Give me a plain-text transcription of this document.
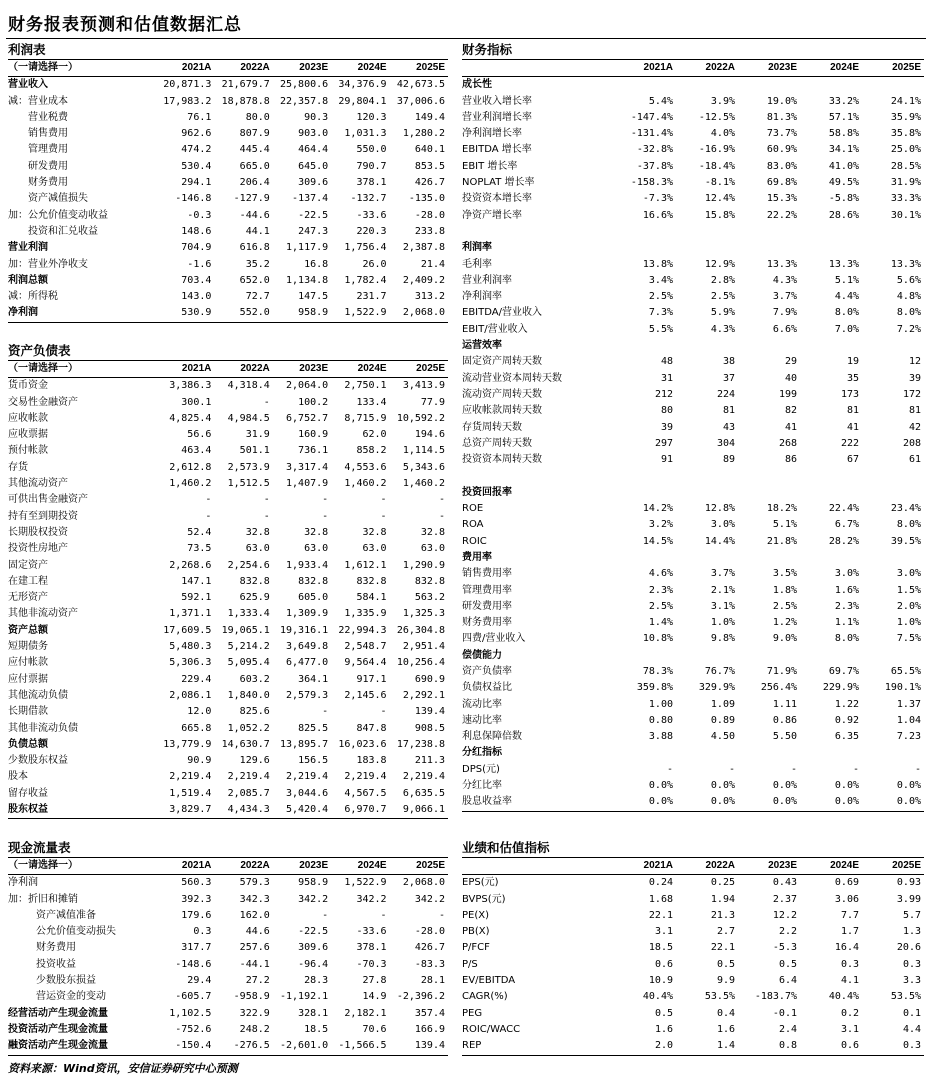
财务报表预测和估值数据汇总
利润表
（一请选择一）	2021A	2022A	2023E	2024E	2025E
营业收入	20,871.3	21,679.7	25,800.6	34,376.9	42,673.5
减：营业成本	17,983.2	18,878.8	22,357.8	29,804.1	37,006.6
营业税费	76.1	80.0	90.3	120.3	149.4
销售费用	962.6	807.9	903.0	1,031.3	1,280.2
管理费用	474.2	445.4	464.4	550.0	640.1
研发费用	530.4	665.0	645.0	790.7	853.5
财务费用	294.1	206.4	309.6	378.1	426.7
资产减值损失	-146.8	-127.9	-137.4	-132.7	-135.0
加：公允价值变动收益	-0.3	-44.6	-22.5	-33.6	-28.0
投资和汇兑收益	148.6	44.1	247.3	220.3	233.8
营业利润	704.9	616.8	1,117.9	1,756.4	2,387.8
加：营业外净收支	-1.6	35.2	16.8	26.0	21.4
利润总额	703.4	652.0	1,134.8	1,782.4	2,409.2
减：所得税	143.0	72.7	147.5	231.7	313.2
净利润	530.9	552.0	958.9	1,522.9	2,068.0
资产负债表
（一请选择一）	2021A	2022A	2023E	2024E	2025E
货币资金	3,386.3	4,318.4	2,064.0	2,750.1	3,413.9
交易性金融资产	300.1	-	100.2	133.4	77.9
应收帐款	4,825.4	4,984.5	6,752.7	8,715.9	10,592.2
应收票据	56.6	31.9	160.9	62.0	194.6
预付帐款	463.4	501.1	736.1	858.2	1,114.5
存货	2,612.8	2,573.9	3,317.4	4,553.6	5,343.6
其他流动资产	1,460.2	1,512.5	1,407.9	1,460.2	1,460.2
可供出售金融资产	-	-	-	-	-
持有至到期投资	-	-	-	-	-
长期股权投资	52.4	32.8	32.8	32.8	32.8
投资性房地产	73.5	63.0	63.0	63.0	63.0
固定资产	2,268.6	2,254.6	1,933.4	1,612.1	1,290.9
在建工程	147.1	832.8	832.8	832.8	832.8
无形资产	592.1	625.9	605.0	584.1	563.2
其他非流动资产	1,371.1	1,333.4	1,309.9	1,335.9	1,325.3
资产总额	17,609.5	19,065.1	19,316.1	22,994.3	26,304.8
短期债务	5,480.3	5,214.2	3,649.8	2,548.7	2,951.4
应付帐款	5,306.3	5,095.4	6,477.0	9,564.4	10,256.4
应付票据	229.4	603.2	364.1	917.1	690.9
其他流动负债	2,086.1	1,840.0	2,579.3	2,145.6	2,292.1
长期借款	12.0	825.6	-	-	139.4
其他非流动负债	665.8	1,052.2	825.5	847.8	908.5
负债总额	13,779.9	14,630.7	13,895.7	16,023.6	17,238.8
少数股东权益	90.9	129.6	156.5	183.8	211.3
股本	2,219.4	2,219.4	2,219.4	2,219.4	2,219.4
留存收益	1,519.4	2,085.7	3,044.6	4,567.5	6,635.5
股东权益	3,829.7	4,434.3	5,420.4	6,970.7	9,066.1
现金流量表
（一请选择一）	2021A	2022A	2023E	2024E	2025E
净利润	560.3	579.3	958.9	1,522.9	2,068.0
加：折旧和摊销	392.3	342.3	342.2	342.2	342.2
资产减值准备	179.6	162.0	-	-	-
公允价值变动损失	0.3	44.6	-22.5	-33.6	-28.0
财务费用	317.7	257.6	309.6	378.1	426.7
投资收益	-148.6	-44.1	-96.4	-70.3	-83.3
少数股东损益	29.4	27.2	28.3	27.8	28.1
营运资金的变动	-605.7	-958.9	-1,192.1	14.9	-2,396.2
经营活动产生现金流量	1,102.5	322.9	328.1	2,182.1	357.4
投资活动产生现金流量	-752.6	248.2	18.5	70.6	166.9
融资活动产生现金流量	-150.4	-276.5	-2,601.0	-1,566.5	139.4
财务指标
	2021A	2022A	2023E	2024E	2025E
成长性					
营业收入增长率	5.4%	3.9%	19.0%	33.2%	24.1%
营业利润增长率	-147.4%	-12.5%	81.3%	57.1%	35.9%
净利润增长率	-131.4%	4.0%	73.7%	58.8%	35.8%
EBITDA 增长率	-32.8%	-16.9%	60.9%	34.1%	25.0%
EBIT 增长率	-37.8%	-18.4%	83.0%	41.0%	28.5%
NOPLAT 增长率	-158.3%	-8.1%	69.8%	49.5%	31.9%
投资资本增长率	-7.3%	12.4%	15.3%	-5.8%	33.3%
净资产增长率	16.6%	15.8%	22.2%	28.6%	30.1%

利润率					
毛利率	13.8%	12.9%	13.3%	13.3%	13.3%
营业利润率	3.4%	2.8%	4.3%	5.1%	5.6%
净利润率	2.5%	2.5%	3.7%	4.4%	4.8%
EBITDA/营业收入	7.3%	5.9%	7.9%	8.0%	8.0%
EBIT/营业收入	5.5%	4.3%	6.6%	7.0%	7.2%
运营效率					
固定资产周转天数	48	38	29	19	12
流动营业资本周转天数	31	37	40	35	39
流动资产周转天数	212	224	199	173	172
应收帐款周转天数	80	81	82	81	81
存货周转天数	39	43	41	41	42
总资产周转天数	297	304	268	222	208
投资资本周转天数	91	89	86	67	61

投资回报率					
ROE	14.2%	12.8%	18.2%	22.4%	23.4%
ROA	3.2%	3.0%	5.1%	6.7%	8.0%
ROIC	14.5%	14.4%	21.8%	28.2%	39.5%
费用率					
销售费用率	4.6%	3.7%	3.5%	3.0%	3.0%
管理费用率	2.3%	2.1%	1.8%	1.6%	1.5%
研发费用率	2.5%	3.1%	2.5%	2.3%	2.0%
财务费用率	1.4%	1.0%	1.2%	1.1%	1.0%
四费/营业收入	10.8%	9.8%	9.0%	8.0%	7.5%
偿债能力					
资产负债率	78.3%	76.7%	71.9%	69.7%	65.5%
负债权益比	359.8%	329.9%	256.4%	229.9%	190.1%
流动比率	1.00	1.09	1.11	1.22	1.37
速动比率	0.80	0.89	0.86	0.92	1.04
利息保障倍数	3.88	4.50	5.50	6.35	7.23
分红指标					
DPS(元)	-	-	-	-	-
分红比率	0.0%	0.0%	0.0%	0.0%	0.0%
股息收益率	0.0%	0.0%	0.0%	0.0%	0.0%
业绩和估值指标
	2021A	2022A	2023E	2024E	2025E
EPS(元)	0.24	0.25	0.43	0.69	0.93
BVPS(元)	1.68	1.94	2.37	3.06	3.99
PE(X)	22.1	21.3	12.2	7.7	5.7
PB(X)	3.1	2.7	2.2	1.7	1.3
P/FCF	18.5	22.1	-5.3	16.4	20.6
P/S	0.6	0.5	0.5	0.3	0.3
EV/EBITDA	10.9	9.9	6.4	4.1	3.3
CAGR(%)	40.4%	53.5%	-183.7%	40.4%	53.5%
PEG	0.5	0.4	-0.1	0.2	0.1
ROIC/WACC	1.6	1.6	2.4	3.1	4.4
REP	2.0	1.4	0.8	0.6	0.3
资料来源：Wind资讯，安信证券研究中心预测
